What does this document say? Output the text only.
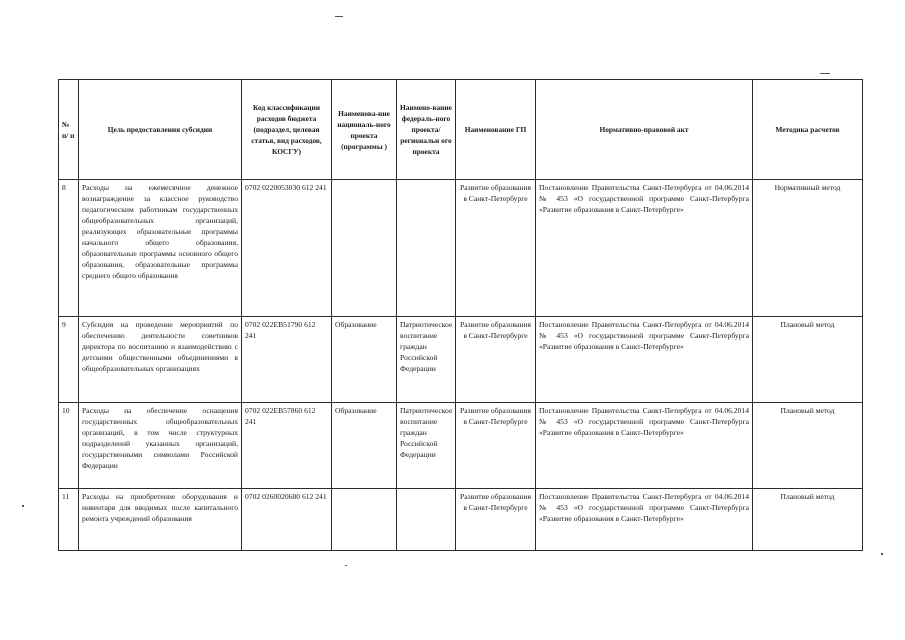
№ п/ п	Цель предоставления субсидии	Код классификации расходов бюджета (подраздел, целевая статья, вид расходов, КОСГУ)	Наименова-ние националь-ного проекта (программы )	Наимено-вание федераль-ного проекта/ региональн ого проекта	Наименование ГП	Нормативно-правовой акт	Методика расчетов
8	Расходы на ежемесячное денежное вознаграждение за классное руководство педагогическим работникам государственных общеобразовательных организаций, реализующих образовательные программы начального общего образования, образовательные программы основного общего образования, образовательные программы среднего общего образования	0702 0220053030 612 241			Развитие образования в Санкт-Петербурге	Постановление Правительства Санкт-Петербурга от 04.06.2014 № 453 «О государственной программе Санкт-Петербурга «Развитие образования в Санкт-Петербурге»	Нормативный метод
9	Субсидия на проведение мероприятий по обеспечению деятельности советников директора по воспитанию и взаимодействию с детскими общественными объединениями в общеобразовательных организациях	0702 022EB51790 612 241	Образование	Патриотическое воспитание граждан Российской Федерации	Развитие образования в Санкт-Петербурге	Постановление Правительства Санкт-Петербурга от 04.06.2014 № 453 «О государственной программе Санкт-Петербурга «Развитие образования в Санкт-Петербурге»	Плановый метод
10	Расходы на обеспечение оснащения государственных общеобразовательных организаций, в том числе структурных подразделений указанных организаций, государственными символами Российской Федерации	0702 022EB57860 612 241	Образование	Патриотическое воспитание граждан Российской Федерации	Развитие образования в Санкт-Петербурге	Постановление Правительства Санкт-Петербурга от 04.06.2014 № 453 «О государственной программе Санкт-Петербурга «Развитие образования в Санкт-Петербурге»	Плановый метод
11	Расходы на приобретение оборудования и инвентаря для вводимых после капитального ремонта учреждений образования	0702 0260020680 612 241			Развитие образования в Санкт-Петербурге	Постановление Правительства Санкт-Петербурга от 04.06.2014 № 453 «О государственной программе Санкт-Петербурга «Развитие образования в Санкт-Петербурге»	Плановый метод
